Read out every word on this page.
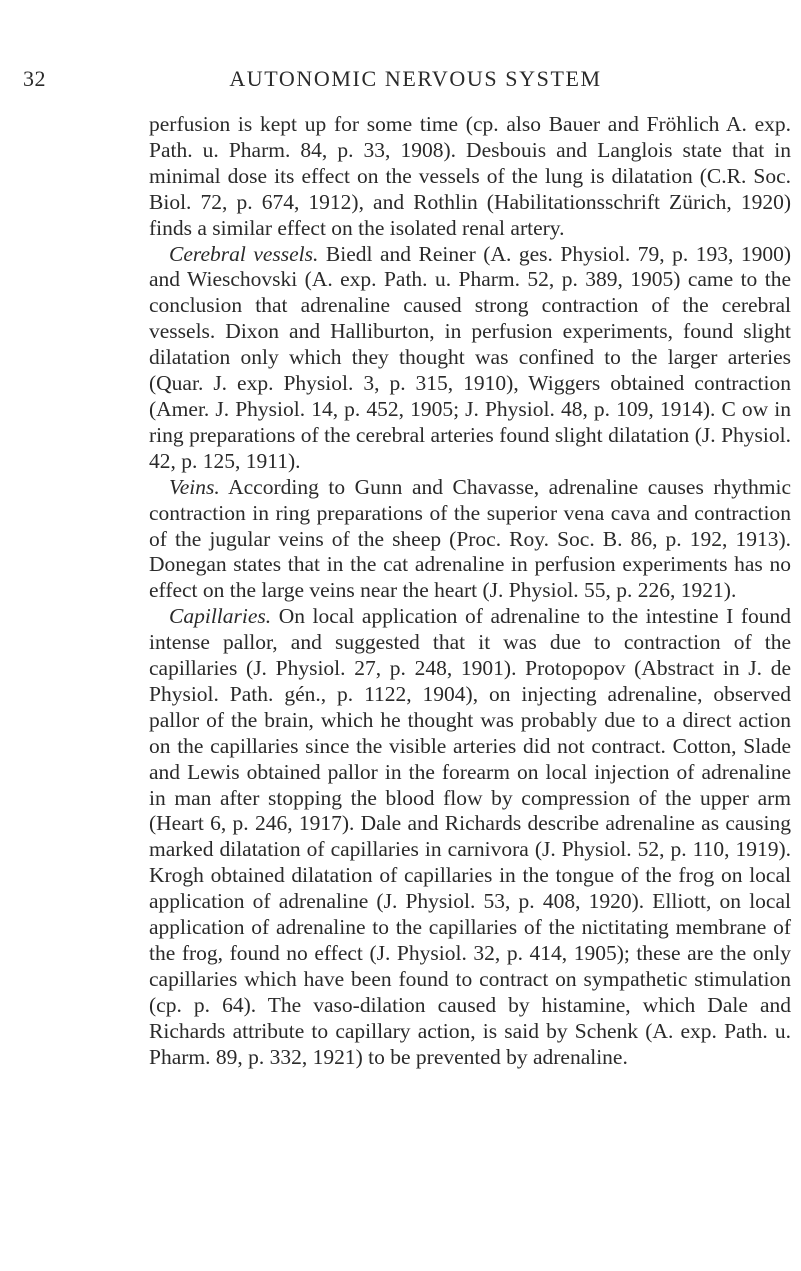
32	AUTONOMIC NERVOUS SYSTEM

perfusion is kept up for some time (cp. also Bauer and Fröhlich A. exp. Path. u. Pharm. 84, p. 33, 1908). Desbouis and Langlois state that in minimal dose its effect on the vessels of the lung is dilatation (C.R. Soc. Biol. 72, p. 674, 1912), and Rothlin (Habilitationsschrift Zürich, 1920) finds a similar effect on the isolated renal artery.

Cerebral vessels. Biedl and Reiner (A. ges. Physiol. 79, p. 193, 1900) and Wieschovski (A. exp. Path. u. Pharm. 52, p. 389, 1905) came to the conclusion that adrenaline caused strong contraction of the cerebral vessels. Dixon and Halliburton, in perfusion experiments, found slight dilatation only which they thought was confined to the larger arteries (Quar. J. exp. Physiol. 3, p. 315, 1910), Wiggers obtained contraction (Amer. J. Physiol. 14, p. 452, 1905; J. Physiol. 48, p. 109, 1914). C ow in ring preparations of the cerebral arteries found slight dilatation (J. Physiol. 42, p. 125, 1911).

Veins. According to Gunn and Chavasse, adrenaline causes rhythmic contraction in ring preparations of the superior vena cava and contraction of the jugular veins of the sheep (Proc. Roy. Soc. B. 86, p. 192, 1913). Donegan states that in the cat adrenaline in perfusion experiments has no effect on the large veins near the heart (J. Physiol. 55, p. 226, 1921).

Capillaries. On local application of adrenaline to the intestine I found intense pallor, and suggested that it was due to contraction of the capillaries (J. Physiol. 27, p. 248, 1901). Protopopov (Abstract in J. de Physiol. Path. gén., p. 1122, 1904), on injecting adrenaline, observed pallor of the brain, which he thought was probably due to a direct action on the capillaries since the visible arteries did not contract. Cotton, Slade and Lewis obtained pallor in the forearm on local injection of adrenaline in man after stopping the blood flow by compression of the upper arm (Heart 6, p. 246, 1917). Dale and Richards describe adrenaline as causing marked dilatation of capillaries in carnivora (J. Physiol. 52, p. 110, 1919). Krogh obtained dilatation of capillaries in the tongue of the frog on local application of adrenaline (J. Physiol. 53, p. 408, 1920). Elliott, on local application of adrenaline to the capillaries of the nictitating membrane of the frog, found no effect (J. Physiol. 32, p. 414, 1905); these are the only capillaries which have been found to contract on sympathetic stimulation (cp. p. 64). The vaso-dilation caused by histamine, which Dale and Richards attribute to capillary action, is said by Schenk (A. exp. Path. u. Pharm. 89, p. 332, 1921) to be prevented by adrenaline.
